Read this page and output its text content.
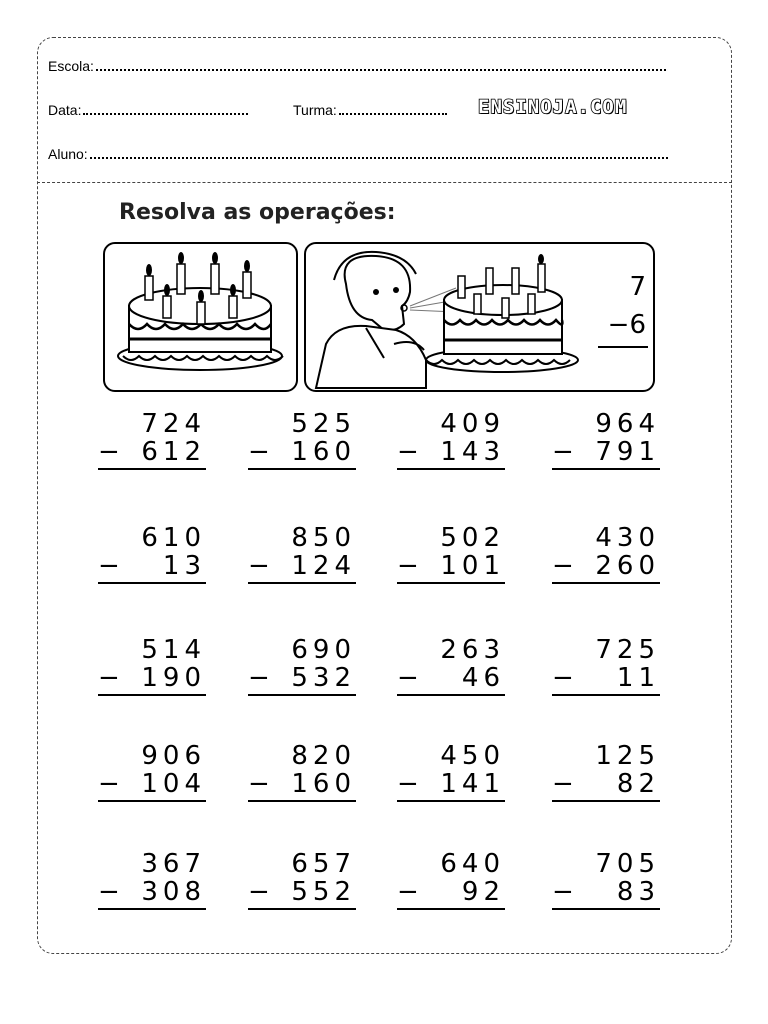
Escola:
Data:	Turma:	ENSINOJA.COM
Aluno:
Resolva as operações:
7
−6
724
− 612
525
− 160
409
− 143
964
− 791
610
− 13
850
− 124
502
− 101
430
− 260
514
− 190
690
− 532
263
− 46
725
− 11
906
− 104
820
− 160
450
− 141
125
− 82
367
− 308
657
− 552
640
− 92
705
− 83
